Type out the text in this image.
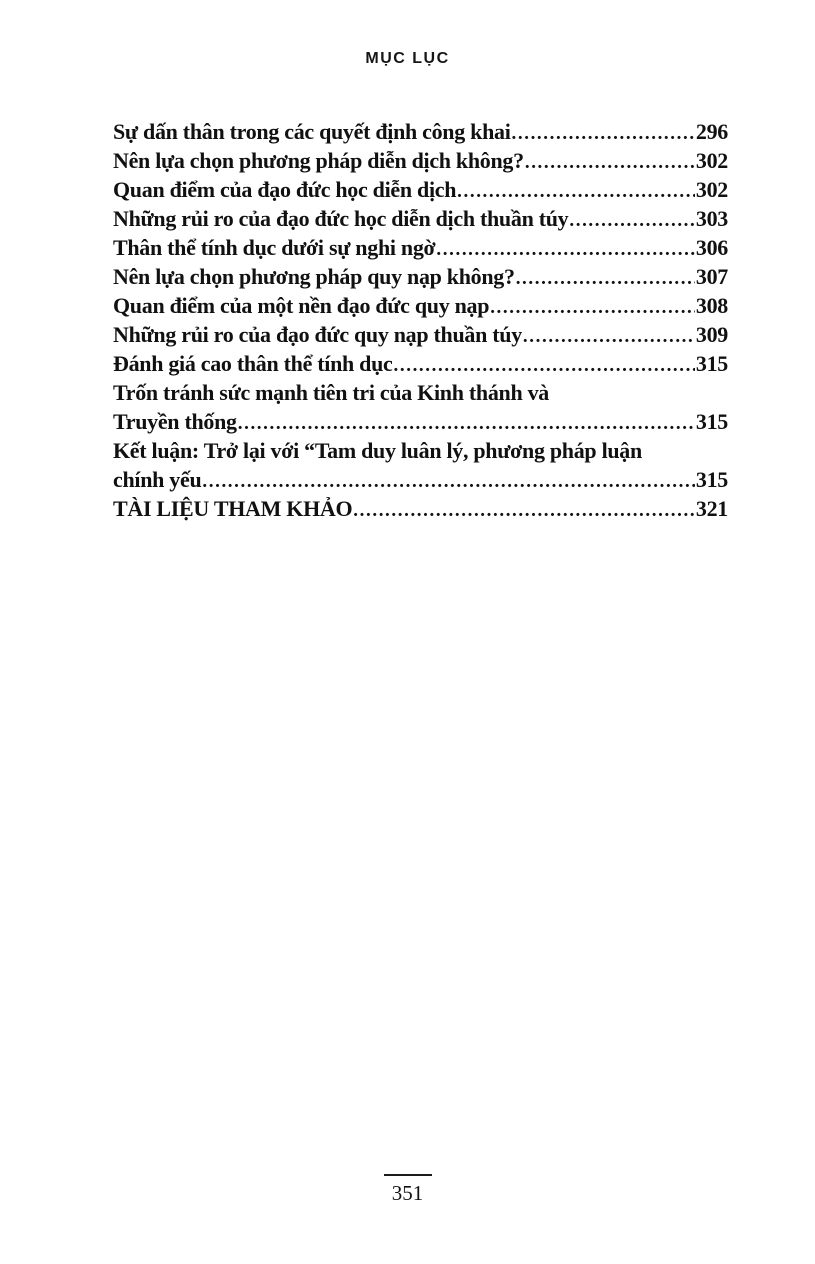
MỤC LỤC
Sự dấn thân trong các quyết định công khai .....	296
Nên lựa chọn phương pháp diễn dịch không? .....	302
Quan điểm của đạo đức học diễn dịch .....	302
Những rủi ro của đạo đức học diễn dịch thuần túy .....	303
Thân thể tính dục dưới sự nghi ngờ .....	306
Nên lựa chọn phương pháp quy nạp không? .....	307
Quan điểm của một nền đạo đức quy nạp .....	308
Những rủi ro của đạo đức quy nạp thuần túy .....	309
Đánh giá cao thân thể tính dục .....	315
Trốn tránh sức mạnh tiên tri của Kinh thánh và
Truyền thống .....	315
Kết luận: Trở lại với “Tam duy luân lý, phương pháp luận
chính yếu .....	315
TÀI LIỆU THAM KHẢO .....	321
351
